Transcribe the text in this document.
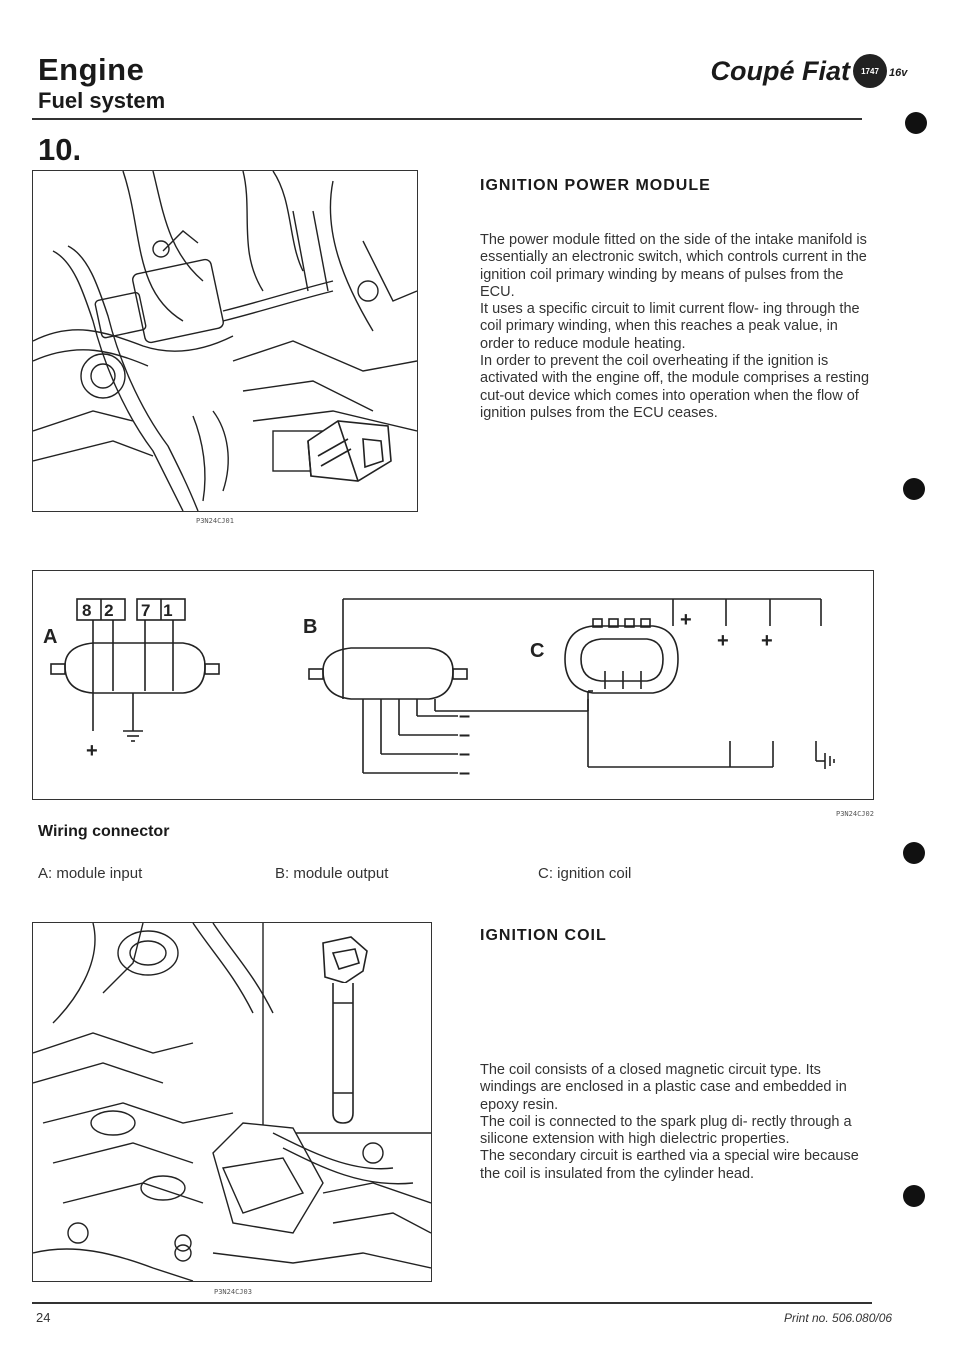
Engine
Fuel system
Coupé Fiat 1747 16v
10.
P3N24CJ01
IGNITION POWER MODULE

The power module fitted on the side of the intake manifold is essentially an electronic switch, which controls current in the ignition coil primary winding by means of pulses from the ECU.
It uses a specific circuit to limit current flow- ing through the coil primary winding, when this reaches a peak value, in order to reduce module heating.
In order to prevent the coil overheating if the ignition is activated with the engine off, the module comprises a resting cut-out device which comes into operation when the flow of ignition pulses from the ECU ceases.

A	B
C
8 2 7 1
+
+
+ +
–
–
–
–
P3N24CJ02
Wiring connector
A: module input	B: module output	C: ignition coil
P3N24CJ03
IGNITION COIL

The coil consists of a closed magnetic circuit type. Its windings are enclosed in a plastic case and embedded in epoxy resin.
The coil is connected to the spark plug di- rectly through a silicone extension with high dielectric properties.
The secondary circuit is earthed via a special wire because the coil is insulated from the cylinder head.

24	Print no. 506.080/06
